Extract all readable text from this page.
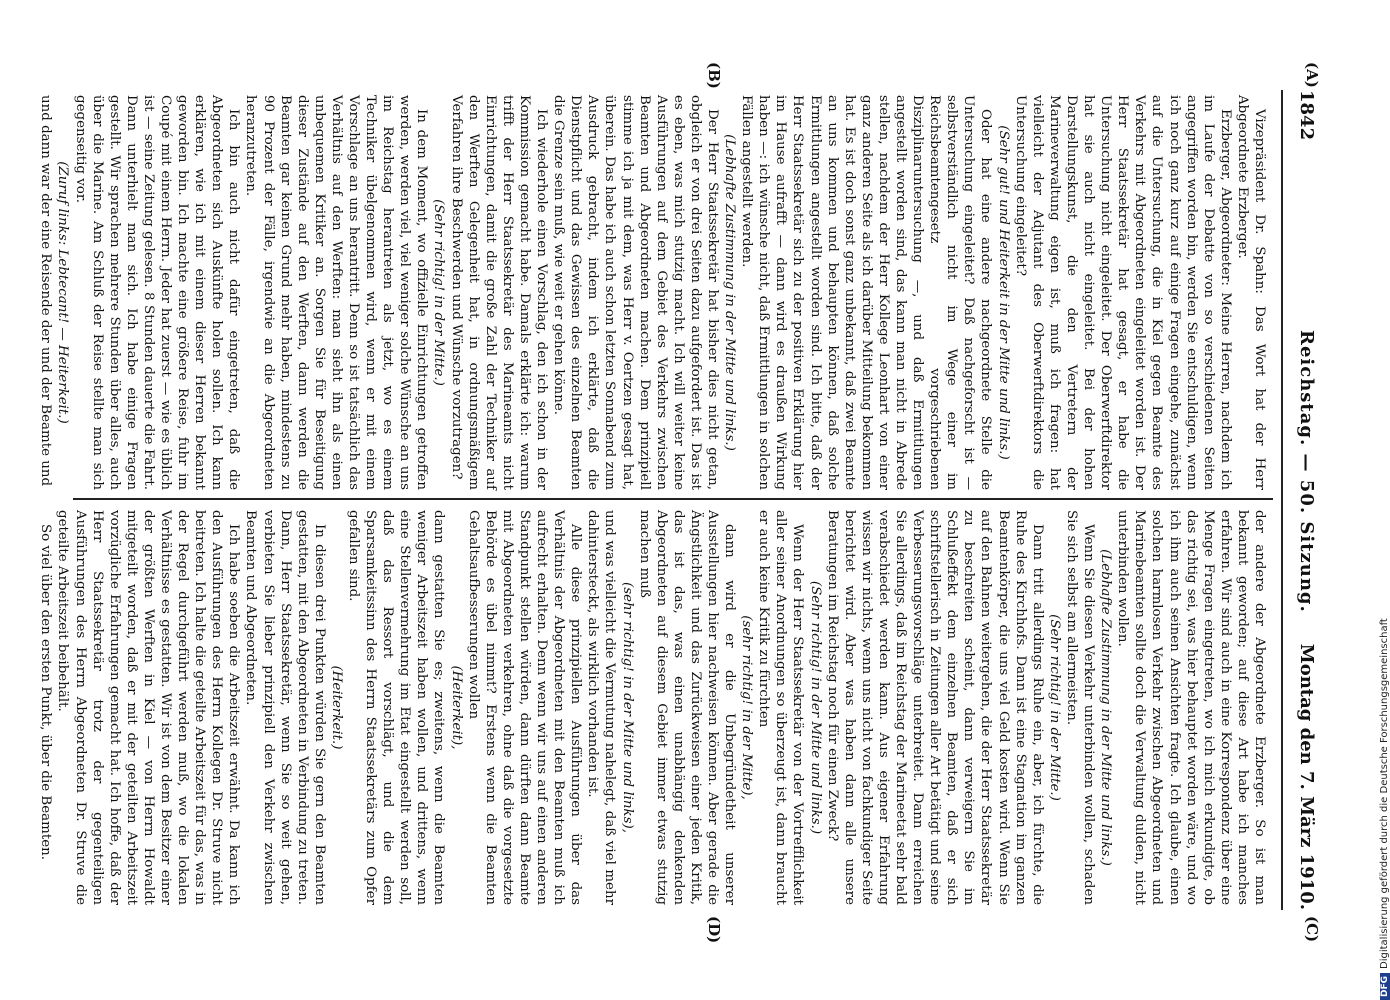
1842
Reichstag. — 50. Sitzung.
Montag den 7. März 1910.
(A)
(B)
(C)
(D)

Vizepräsident Dr. Spahn: Das Wort hat der Herr Abgeordnete Erzberger.

Erzberger, Abgeordneter: Meine Herren, nachdem ich im Laufe der Debatte von so verschiedenen Seiten angegriffen worden bin, werden Sie entschuldigen, wenn ich noch ganz kurz auf einige Fragen eingehe, zunächst auf die Untersuchung, die in Kiel gegen Beamte des Verkehrs mit Abgeordneten eingeleitet worden ist. Der Herr Staatssekretär hat gesagt, er habe die Untersuchung nicht eingeleitet. Der Oberwerftdirektor hat sie auch nicht eingeleitet. Bei der hohen Darstellungskunst, die den Vertretern der Marineverwaltung eigen ist, muß ich fragen: hat vielleicht der Adjutant des Oberwerftdirektors die Untersuchung eingeleitet?

(Sehr gut! und Heiterkeit in der Mitte und links.)

Oder hat eine andere nachgeordnete Stelle die Untersuchung eingeleitet? Daß nachgeforscht ist — selbstverständlich nicht im Wege einer im Reichsbeamtengesetz vorgeschriebenen Disziplinaruntersuchung —, und daß Ermittlungen angestellt worden sind, das kann man nicht in Abrede stellen, nachdem der Herr Kollege Leonhart von einer ganz anderen Seite als ich darüber Mitteilung bekommen hat. Es ist doch sonst ganz unbekannt, daß zwei Beamte an uns kommen und behaupten können, daß solche Ermittlungen angestellt worden sind. Ich bitte, daß der Herr Staatssekretär sich zu der positiven Erklärung hier im Hause aufrafft — dann wird es draußen Wirkung haben —: ich wünsche nicht, daß Ermittlungen in solchen Fällen angestellt werden.

(Lebhafte Zustimmung in der Mitte und links.)

Der Herr Staatssekretär hat bisher dies nicht getan, obgleich er von drei Seiten dazu aufgefordert ist. Das ist es eben, was mich stutzig macht. Ich will weiter keine Ausführungen auf dem Gebiet des Verkehrs zwischen Beamten und Abgeordneten machen. Dem prinzipiell stimme ich ja mit dem, was Herr v. Oertzen gesagt hat, überein. Das habe ich auch schon letzten Sonnabend zum Ausdruck gebracht, indem ich erklärte, daß die Dienstpflicht und das Gewissen des einzelnen Beamten die Grenze sein muß, wie weit er gehen könne.

Ich wiederhole einen Vorschlag, den ich schon in der Kommission gemacht habe. Damals erklärte ich: warum trifft der Herr Staatssekretär des Marineamts nicht Einrichtungen, damit die große Zahl der Techniker auf den Werften Gelegenheit hat, in ordnungsmäßigem Verfahren ihre Beschwerden und Wünsche vorzutragen?

(Sehr richtig! in der Mitte.)

In dem Moment, wo offizielle Einrichtungen getroffen werden, werden viel, viel weniger solche Wünsche an uns im Reichstag herantreten als jetzt, wo es einem Techniker übelgenommen wird, wenn er mit einem Vorschlage an uns herantritt. Denn so ist tatsächlich das Verhältnis auf den Werften: man sieht ihn als einen unbequemen Kritiker an. Sorgen Sie für Beseitigung dieser Zustände auf den Werften, dann werden die Beamten gar keinen Grund mehr haben, mindestens zu 90 Prozent der Fälle, irgendwie an die Abgeordneten heranzutreten.

Ich bin auch nicht dafür eingetreten, daß die Abgeordneten sich Auskünfte holen sollen. Ich kann erklären, wie ich mit einem dieser Herren bekannt geworden bin. Ich machte eine größere Reise, fuhr im Coupé mit einem Herrn. Jeder hat zuerst — wie es üblich ist — seine Zeitung gelesen. 8 Stunden dauerte die Fahrt. Dann unterhielt man sich. Ich habe einige Fragen gestellt. Wir sprachen mehrere Stunden über alles, auch über die Marine. Am Schluß der Reise stellte man sich gegenseitig vor.

(Zuruf links: Lebtecant! — Heiterkeit.)

und dann war der eine Reisende der und der Beamte und

der andere der Abgeordnete Erzberger. So ist man bekannt geworden; auf diese Art habe ich manches erfahren. Wir sind auch in eine Korrespondenz über eine Menge Fragen eingetreten, wo ich mich erkundigte, ob das richtig sei, was hier behauptet worden wäre, und wo ich ihm auch seinen Ansichten fragte. Ich glaube, einen solchen harmlosen Verkehr zwischen Abgeordneten und Marinebeamten sollte doch die Verwaltung dulden, nicht unterbinden wollen.

(Lebhafte Zustimmung in der Mitte und links.)

Wenn Sie diesen Verkehr unterbinden wollen, schaden Sie sich selbst am allermeisten.

(Sehr richtig! in der Mitte.)

Dann tritt allerdings Ruhe ein, aber, ich fürchte, die Ruhe des Kirchhofs. Dann ist eine Stagnation im ganzen Beamtenkörper, die uns viel Geld kosten wird. Wenn Sie auf den Bahnen weitergehen, die der Herr Staatssekretär zu beschreiten scheint, dann verweigern Sie im Schlußeffekt dem einzelnen Beamten, daß er sich schriftstellerisch in Zeitungen aller Art betätigt und seine Verbesserungsvorschläge unterbreitet. Dann erreichen Sie allerdings, daß im Reichstag der Marineetat sehr bald verabschiedet werden kann. Aus eigener Erfahrung wissen wir nichts, wenn uns nicht von fachkundiger Seite berichtet wird. Aber was haben dann alle unsere Beratungen im Reichstag noch für einen Zweck?

(Sehr richtig! in der Mitte und links.)

Wenn der Herr Staatssekretär von der Vortrefflichkeit aller seiner Anordnungen so überzeugt ist, dann braucht er auch keine Kritik zu fürchten

(sehr richtig! in der Mitte),

dann wird er die Unbegründetheit unserer Ausstellungen hier nachweisen können. Aber gerade die Ängstlichkeit und das Zurückweisen einer jeden Kritik, das ist das, was einen unabhängig denkenden Abgeordneten auf diesem Gebiet immer etwas stutzig machen muß

(sehr richtig! in der Mitte und links),

und was vielleicht die Vermutung nahelegt, daß viel mehr dahintersteckt, als wirklich vorhanden ist.

Alle diese prinzipiellen Ausführungen über das Verhältnis der Abgeordneten mit den Beamten muß ich aufrecht erhalten. Denn wenn wir uns auf einen anderen Standpunkt stellen würden, dann dürften dann Beamte mit Abgeordneten verkehren, ohne daß die vorgesetzte Behörde es übel nimmt? Erstens wenn die Beamten Gehaltsaufbesserungen wollen

(Heiterkeit),

dann gestatten Sie es; zweitens, wenn die Beamten weniger Arbeitszeit haben wollen, und drittens, wenn eine Stellenvermehrung im Etat eingestellt werden soll, daß das Ressort vorschlägt, und die dem Sparsamkeitssinn des Herrn Staatssekretärs zum Opfer gefallen sind.

(Heiterkeit.)

In diesen drei Punkten würden Sie gern den Beamten gestatten, mit den Abgeordneten in Verbindung zu treten. Dann, Herr Staatssekretär, wenn Sie so weit gehen, verbieten Sie lieber prinzipiell den Verkehr zwischen Beamten und Abgeordneten.

Ich habe soeben die Arbeitszeit erwähnt. Da kann ich den Ausführungen des Herrn Kollegen Dr. Struve nicht beitreten. Ich halte die geteilte Arbeitszeit für das, was in der Regel durchgeführt werden muß, wo die lokalen Verhältnisse es gestatten. Wir ist von dem Besitzer einer der größten Werften in Kiel — von Herrn Howaldt mitgeteilt worden, daß er mit der geteilten Arbeitszeit vorzügliche Erfahrungen gemacht hat. Ich hoffe, daß der Herr Staatssekretär trotz der gegenteiligen Ausführungen des Herrn Abgeordneten Dr. Struve die geteilte Arbeitszeit beibehält.

So viel über den ersten Punkt, über die Beamten.

DFGDigitalisierung gefördert durch die Deutsche Forschungsgemeinschaft
